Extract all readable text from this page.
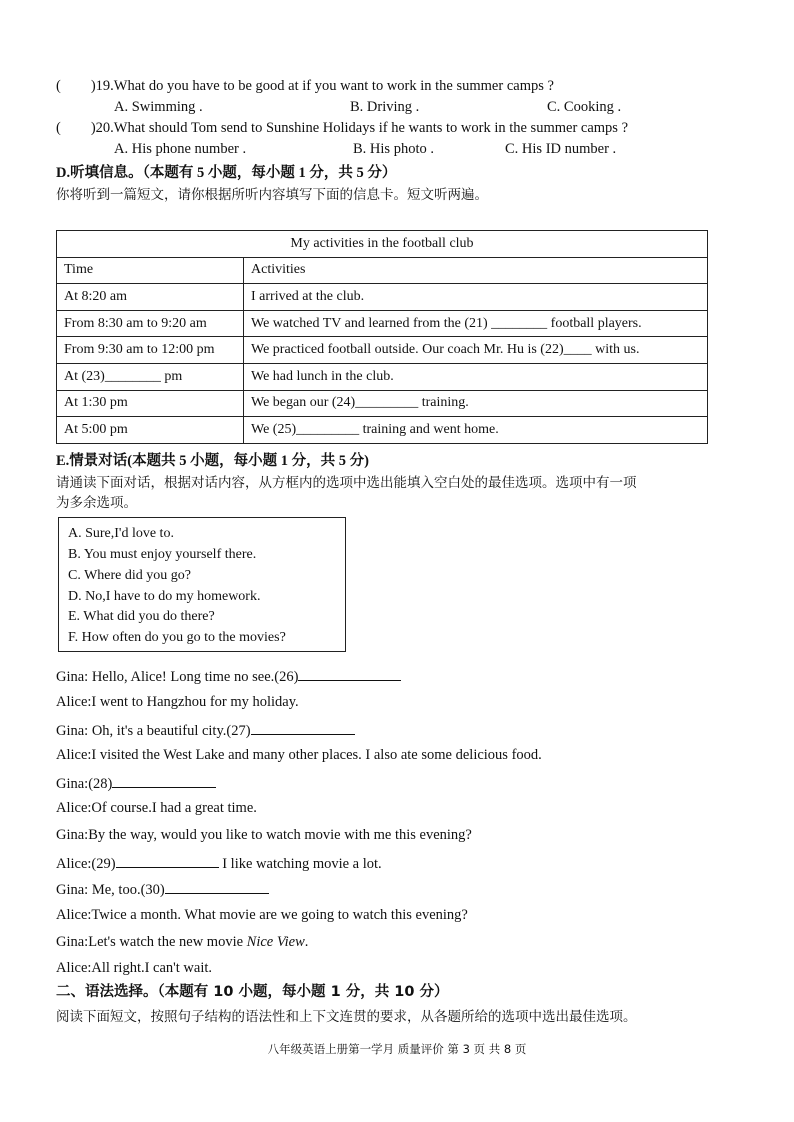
( )19.What do you have to be good at if you want to work in the summer camps ?
A. Swimming .	B. Driving .	C. Cooking .
( )20.What should Tom send to Sunshine Holidays if he wants to work in the summer camps ?
A. His phone number .	B. His photo .	C. His ID number .
D.听填信息。（本题有 5 小题，每小题 1 分，共 5 分）
你将听到一篇短文，请你根据所听内容填写下面的信息卡。短文听两遍。
My activities in the football club	
Time	Activities
At 8:20 am	I arrived at the club.
From 8:30 am to 9:20 am	We watched TV and learned from the (21) ________ football players.
From 9:30 am to 12:00 pm	We practiced football outside. Our coach Mr. Hu is (22)____ with us.
At (23)________ pm	We had lunch in the club.
At 1:30 pm	We began our (24)_________ training.
At 5:00 pm	We (25)_________ training and went home.
E.情景对话(本题共 5 小题，每小题 1 分，共 5 分)
请通读下面对话，根据对话内容，从方框内的选项中选出能填入空白处的最佳选项。选项中有一项
为多余选项。
A. Sure,I'd love to.
B. You must enjoy yourself there.
C. Where did you go?
D. No,I have to do my homework.
E. What did you do there?
F. How often do you go to the movies?
Gina: Hello, Alice! Long time no see.(26)
Alice:I went to Hangzhou for my holiday.
Gina: Oh, it's a beautiful city.(27)
Alice:I visited the West Lake and many other places. I also ate some delicious food.
Gina:(28)
Alice:Of course.I had a great time.
Gina:By the way, would you like to watch movie with me this evening?
Alice:(29)	I like watching movie a lot.
Gina: Me, too.(30)
Alice:Twice a month. What movie are we going to watch this evening?
Gina:Let's watch the new movie Nice View.
Alice:All right.I can't wait.
二、语法选择。（本题有 10 小题，每小题 1 分，共 10 分）
阅读下面短文，按照句子结构的语法性和上下文连贯的要求，从各题所给的选项中选出最佳选项。
八年级英语上册第一学月 质量评价 第 3 页 共 8 页
